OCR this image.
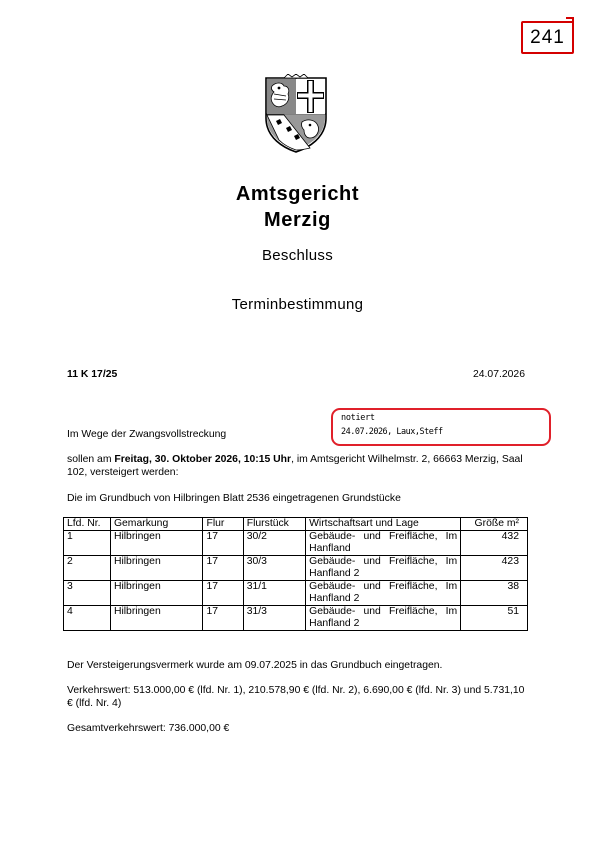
241
Amtsgericht
Merzig
Beschluss
Terminbestimmung
11 K 17/25	24.07.2026
notiert
24.07.2026, Laux,Steff
Im Wege der Zwangsvollstreckung
sollen am Freitag, 30. Oktober 2026, 10:15 Uhr, im Amtsgericht Wilhelmstr. 2, 66663 Merzig, Saal 102, versteigert werden:
Die im Grundbuch von Hilbringen Blatt 2536 eingetragenen Grundstücke
Lfd. Nr.	Gemarkung	Flur	Flurstück	Wirtschaftsart und Lage	Größe m²
1	Hilbringen	17	30/2	Gebäude- und Freifläche, Im
Hanfland	432
2	Hilbringen	17	30/3	Gebäude- und Freifläche, Im
Hanfland 2	423
3	Hilbringen	17	31/1	Gebäude- und Freifläche, Im
Hanfland 2	38
4	Hilbringen	17	31/3	Gebäude- und Freifläche, Im
Hanfland 2	51
Der Versteigerungsvermerk wurde am 09.07.2025 in das Grundbuch eingetragen.
Verkehrswert: 513.000,00 € (lfd. Nr. 1), 210.578,90 € (lfd. Nr. 2), 6.690,00 € (lfd. Nr. 3) und 5.731,10 € (lfd. Nr. 4)
Gesamtverkehrswert: 736.000,00 €
